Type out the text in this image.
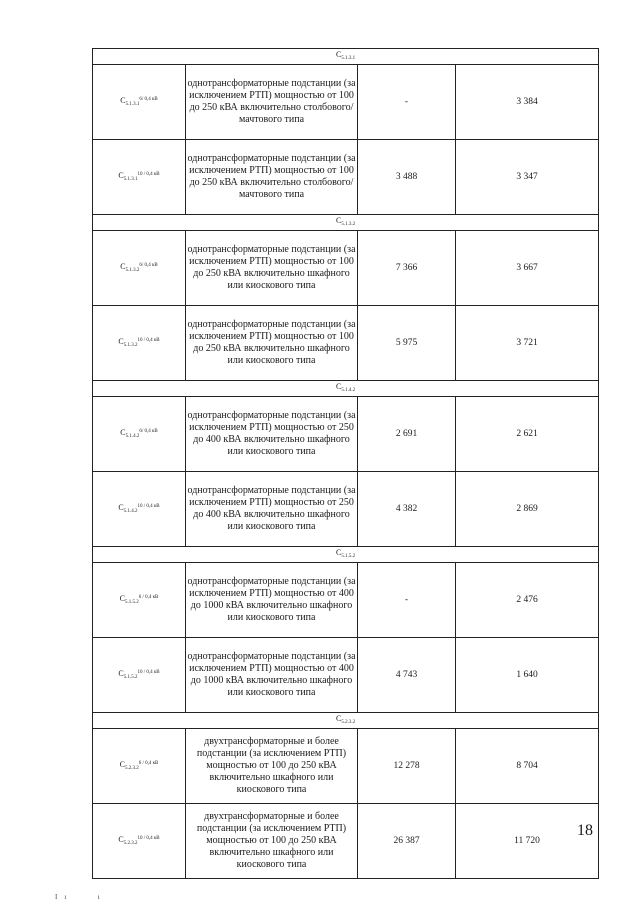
$C_{5.1.3.1}$
$C_{5.1.3.1}^{6/ 0,4 кВ}$	однотрансформаторные подстанции (за исключением РТП) мощностью от 100 до 250 кВА включительно столбового/мачтового типа	-	3 384
$C_{5.1.3.1}^{10 / 0,4 кВ}$	однотрансформаторные подстанции (за исключением РТП) мощностью от 100 до 250 кВА включительно столбового/мачтового типа	3 488	3 347
$C_{5.1.3.2}$
$C_{5.1.3.2}^{6/ 0,4 кВ}$	однотрансформаторные подстанции (за исключением РТП) мощностью от 100 до 250 кВА включительно шкафного или киоскового типа	7 366	3 667
$C_{5.1.3.2}^{10 / 0,4 кВ}$	однотрансформаторные подстанции (за исключением РТП) мощностью от 100 до 250 кВА включительно шкафного или киоскового типа	5 975	3 721
$C_{5.1.4.2}$
$C_{5.1.4.2}^{6/ 0,4 кВ}$	однотрансформаторные подстанции (за исключением РТП) мощностью от 250 до 400 кВА включительно шкафного или киоскового типа	2 691	2 621
$C_{5.1.4.2}^{10 / 0,4 кВ}$	однотрансформаторные подстанции (за исключением РТП) мощностью от 250 до 400 кВА включительно шкафного или киоскового типа	4 382	2 869
$C_{5.1.5.2}$
$C_{5.1.5.2}^{6 / 0,4 кВ}$	однотрансформаторные подстанции (за исключением РТП) мощностью от 400 до 1000 кВА включительно шкафного или киоскового типа	-	2 476
$C_{5.1.5.2}^{10 / 0,4 кВ}$	однотрансформаторные подстанции (за исключением РТП) мощностью от 400 до 1000 кВА включительно шкафного или киоскового типа	4 743	1 640
$C_{5.2.3.2}$
$C_{5.2.3.2}^{6 / 0,4 кВ}$	двухтрансформаторные и более подстанции (за исключением РТП) мощностью от 100 до 250 кВА включительно шкафного или киоскового типа	12 278	8 704
$C_{5.2.3.2}^{10 / 0,4 кВ}$	двухтрансформаторные и более подстанции (за исключением РТП) мощностью от 100 до 250 кВА включительно шкафного или киоскового типа	26 387	11 720
18
I    ı                  ı
